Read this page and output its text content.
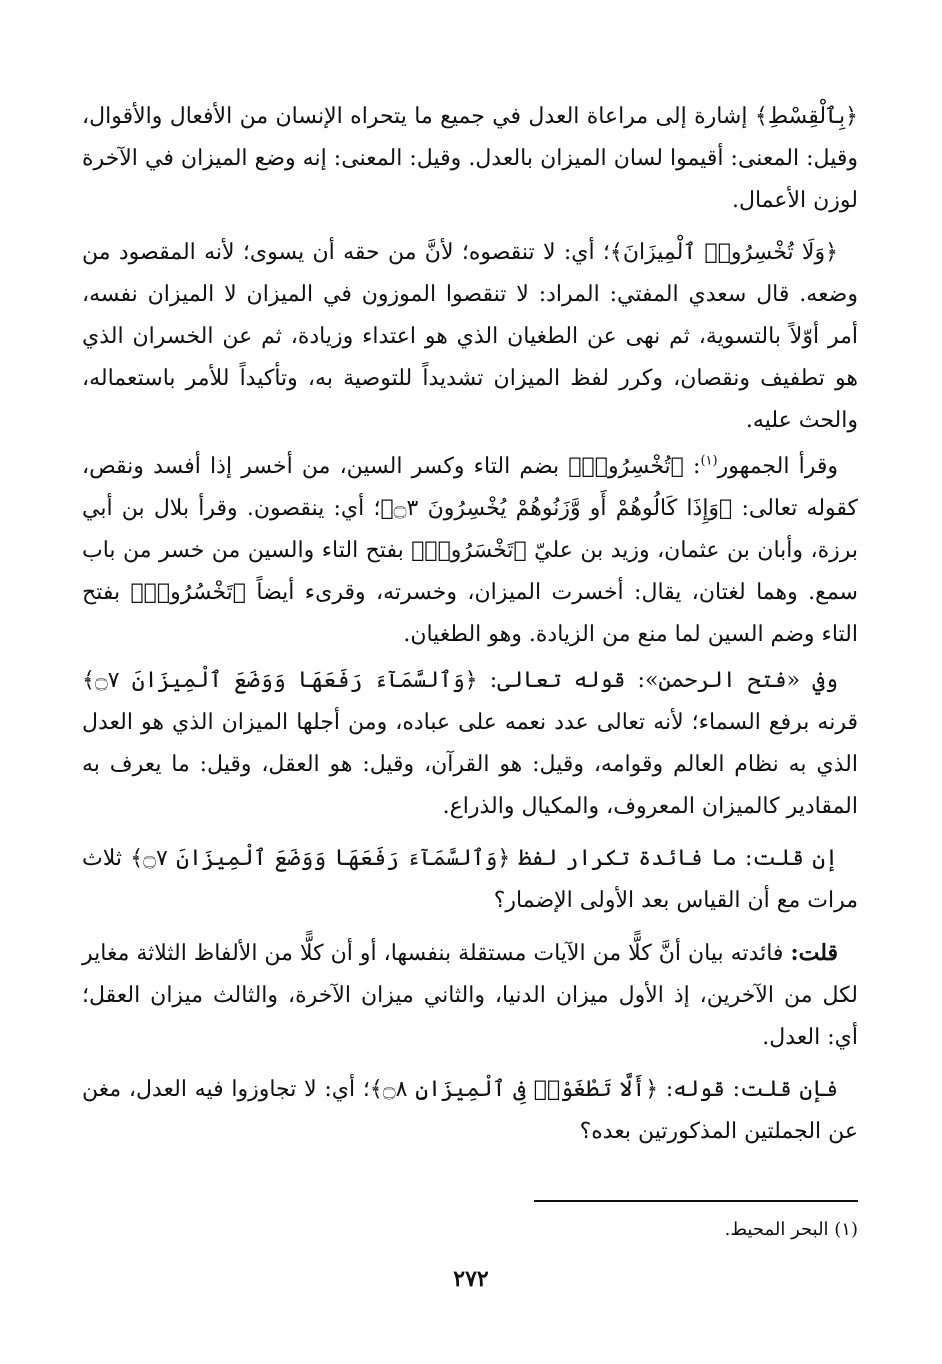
﴿بِٱلْقِسْطِ﴾ إشارة إلى مراعاة العدل في جميع ما يتحراه الإنسان من الأفعال والأقوال، وقيل: المعنى: أقيموا لسان الميزان بالعدل. وقيل: المعنى: إنه وضع الميزان في الآخرة لوزن الأعمال.

﴿وَلَا تُخْسِرُوا۟ ٱلْمِيزَانَ﴾؛ أي: لا تنقصوه؛ لأنَّ من حقه أن يسوى؛ لأنه المقصود من وضعه. قال سعدي المفتي: المراد: لا تنقصوا الموزون في الميزان لا الميزان نفسه، أمر أوّلاً بالتسوية، ثم نهى عن الطغيان الذي هو اعتداء وزيادة، ثم عن الخسران الذي هو تطفيف ونقصان، وكرر لفظ الميزان تشديداً للتوصية به، وتأكيداً للأمر باستعماله، والحث عليه.

وقرأ الجمهور$^{(١)}$: ﴿تُخْسِرُوا۟﴾ بضم التاء وكسر السين، من أخسر إذا أفسد ونقص، كقوله تعالى: ﴿وَإِذَا كَالُوهُمْ أَو وَّزَنُوهُمْ يُخْسِرُونَ ۝٣﴾؛ أي: ينقصون. وقرأ بلال بن أبي برزة، وأبان بن عثمان، وزيد بن عليّ ﴿تَخْسَرُوا۟﴾ بفتح التاء والسين من خسر من باب سمع. وهما لغتان، يقال: أخسرت الميزان، وخسرته، وقرىء أيضاً ﴿تَخْسُرُوا۟﴾ بفتح التاء وضم السين لما منع من الزيادة. وهو الطغيان.

وفي «فتح الرحمن»: قوله تعالى: ﴿وَٱلسَّمَآءَ رَفَعَهَا وَوَضَعَ ٱلْمِيزَانَ ۝٧﴾ قرنه برفع السماء؛ لأنه تعالى عدد نعمه على عباده، ومن أجلها الميزان الذي هو العدل الذي به نظام العالم وقوامه، وقيل: هو القرآن، وقيل: هو العقل، وقيل: ما يعرف به المقادير كالميزان المعروف، والمكيال والذراع.

إن قلت: ما فائدة تكرار لفظ ﴿وَٱلسَّمَآءَ رَفَعَهَا وَوَضَعَ ٱلْمِيزَانَ ۝٧﴾ ثلاث مرات مع أن القياس بعد الأولى الإضمار؟

قلت: فائدته بيان أنَّ كلًّا من الآيات مستقلة بنفسها، أو أن كلًّا من الألفاظ الثلاثة مغاير لكل من الآخرين، إذ الأول ميزان الدنيا، والثاني ميزان الآخرة، والثالث ميزان العقل؛ أي: العدل.

فإن قلت: قوله: ﴿أَلَّا تَطْغَوْا۟ فِى ٱلْمِيزَانِ ۝٨﴾؛ أي: لا تجاوزوا فيه العدل، مغن عن الجملتين المذكورتين بعده؟

(١) البحر المحيط.
٢٧٢
